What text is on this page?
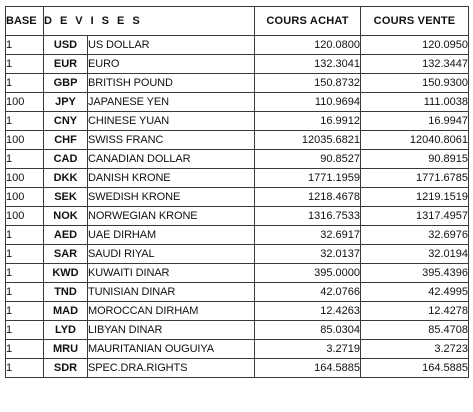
BASE	DEVISES		COURS ACHAT	COURS VENTE
1	USD	US DOLLAR	120.0800	120.0950
1	EUR	EURO	132.3041	132.3447
1	GBP	BRITISH POUND	150.8732	150.9300
100	JPY	JAPANESE YEN	110.9694	111.0038
1	CNY	CHINESE YUAN	16.9912	16.9947
100	CHF	SWISS FRANC	12035.6821	12040.8061
1	CAD	CANADIAN DOLLAR	90.8527	90.8915
100	DKK	DANISH KRONE	1771.1959	1771.6785
100	SEK	SWEDISH KRONE	1218.4678	1219.1519
100	NOK	NORWEGIAN KRONE	1316.7533	1317.4957
1	AED	UAE DIRHAM	32.6917	32.6976
1	SAR	SAUDI RIYAL	32.0137	32.0194
1	KWD	KUWAITI DINAR	395.0000	395.4396
1	TND	TUNISIAN DINAR	42.0766	42.4995
1	MAD	MOROCCAN DIRHAM	12.4263	12.4278
1	LYD	LIBYAN DINAR	85.0304	85.4708
1	MRU	MAURITANIAN OUGUIYA	3.2719	3.2723
1	SDR	SPEC.DRA.RIGHTS	164.5885	164.5885
